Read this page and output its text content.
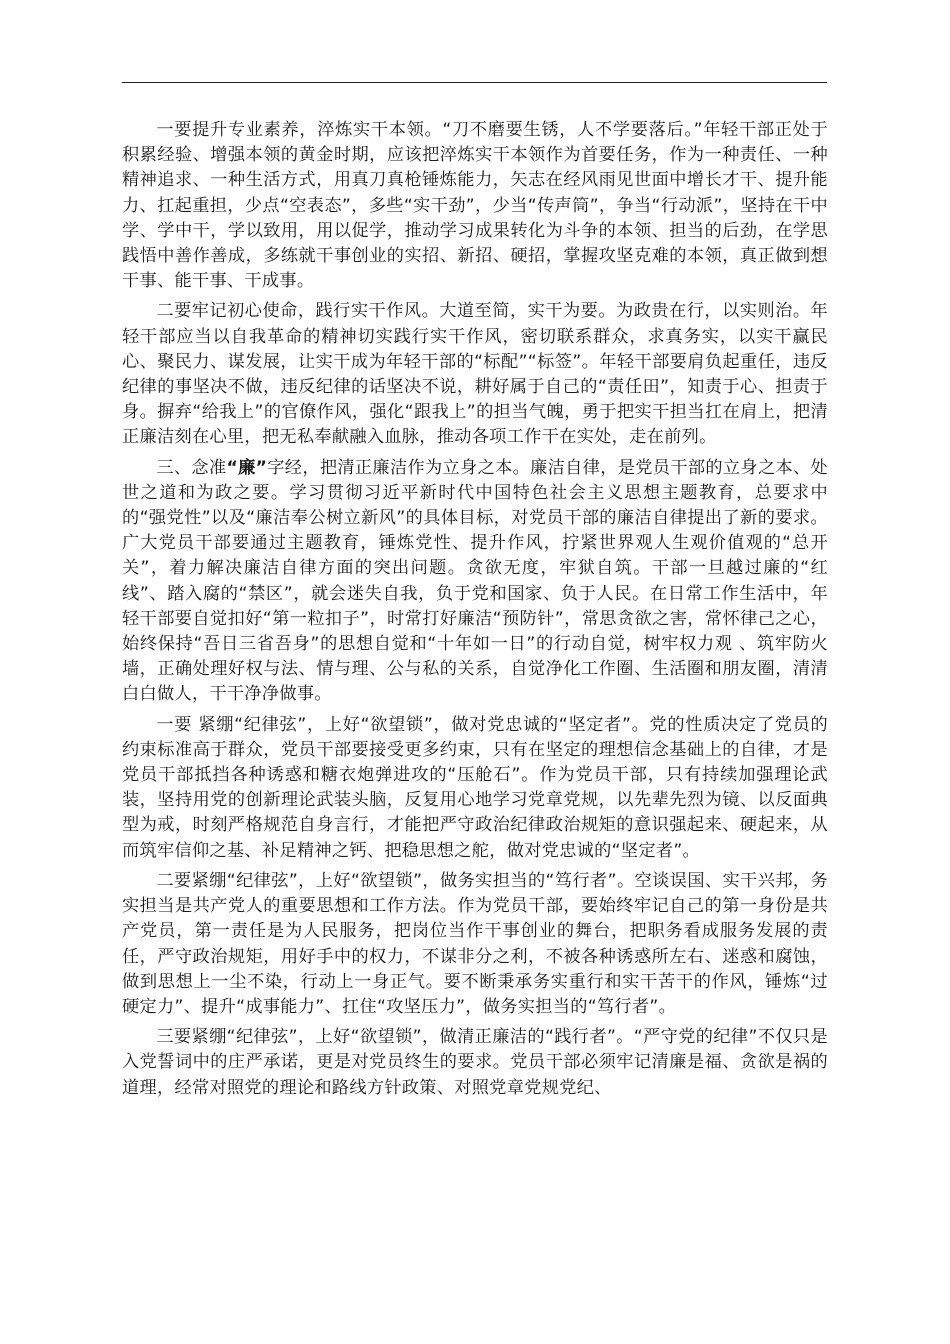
一要提升专业素养，淬炼实干本领。“刀不磨要生锈，人不学要落后。”年轻干部正处于积累经验、增强本领的黄金时期，应该把淬炼实干本领作为首要任务，作为一种责任、一种精神追求、一种生活方式，用真刀真枪锤炼能力，矢志在经风雨见世面中增长才干、提升能力、扛起重担，少点“空表态”，多些“实干劲”，少当“传声筒”，争当“行动派”，坚持在干中学、学中干，学以致用，用以促学，推动学习成果转化为斗争的本领、担当的后劲，在学思践悟中善作善成，多练就干事创业的实招、新招、硬招，掌握攻坚克难的本领，真正做到想干事、能干事、干成事。

二要牢记初心使命，践行实干作风。大道至简，实干为要。为政贵在行，以实则治。年轻干部应当以自我革命的精神切实践行实干作风，密切联系群众，求真务实，以实干赢民心、聚民力、谋发展，让实干成为年轻干部的“标配”“标签”。年轻干部要肩负起重任，违反纪律的事坚决不做，违反纪律的话坚决不说，耕好属于自己的“责任田”，知责于心、担责于身。摒弃“给我上”的官僚作风，强化“跟我上”的担当气魄，勇于把实干担当扛在肩上，把清正廉洁刻在心里，把无私奉献融入血脉，推动各项工作干在实处，走在前列。

三、念准“廉”字经，把清正廉洁作为立身之本。廉洁自律，是党员干部的立身之本、处世之道和为政之要。学习贯彻习近平新时代中国特色社会主义思想主题教育，总要求中的“强党性”以及“廉洁奉公树立新风”的具体目标，对党员干部的廉洁自律提出了新的要求。广大党员干部要通过主题教育，锤炼党性、提升作风，拧紧世界观人生观价值观的“总开关”，着力解决廉洁自律方面的突出问题。贪欲无度，牢狱自筑。干部一旦越过廉的“红线”、踏入腐的“禁区”，就会迷失自我，负于党和国家、负于人民。在日常工作生活中，年轻干部要自觉扣好“第一粒扣子”，时常打好廉洁“预防针”，常思贪欲之害，常怀律己之心，始终保持“吾日三省吾身”的思想自觉和“十年如一日”的行动自觉，树牢权力观 、筑牢防火墙，正确处理好权与法、情与理、公与私的关系，自觉净化工作圈、生活圈和朋友圈，清清白白做人，干干净净做事。

一要 紧绷“纪律弦”，上好“欲望锁”，做对党忠诚的“坚定者”。党的性质决定了党员的约束标准高于群众，党员干部要接受更多约束，只有在坚定的理想信念基础上的自律，才是党员干部抵挡各种诱惑和糖衣炮弹进攻的“压舱石”。作为党员干部，只有持续加强理论武装，坚持用党的创新理论武装头脑，反复用心地学习党章党规，以先辈先烈为镜、以反面典型为戒，时刻严格规范自身言行，才能把严守政治纪律政治规矩的意识强起来、硬起来，从而筑牢信仰之基、补足精神之钙、把稳思想之舵，做对党忠诚的“坚定者”。

二要紧绷“纪律弦”，上好“欲望锁”，做务实担当的“笃行者”。空谈误国、实干兴邦，务实担当是共产党人的重要思想和工作方法。作为党员干部，要始终牢记自己的第一身份是共产党员，第一责任是为人民服务，把岗位当作干事创业的舞台，把职务看成服务发展的责任，严守政治规矩，用好手中的权力，不谋非分之利，不被各种诱惑所左右、迷惑和腐蚀，做到思想上一尘不染，行动上一身正气。要不断秉承务实重行和实干苦干的作风，锤炼“过硬定力”、提升“成事能力”、扛住“攻坚压力”，做务实担当的“笃行者”。

三要紧绷“纪律弦”，上好“欲望锁”，做清正廉洁的“践行者”。“严守党的纪律”不仅只是入党誓词中的庄严承诺，更是对党员终生的要求。党员干部必须牢记清廉是福、贪欲是祸的道理，经常对照党的理论和路线方针政策、对照党章党规党纪、
